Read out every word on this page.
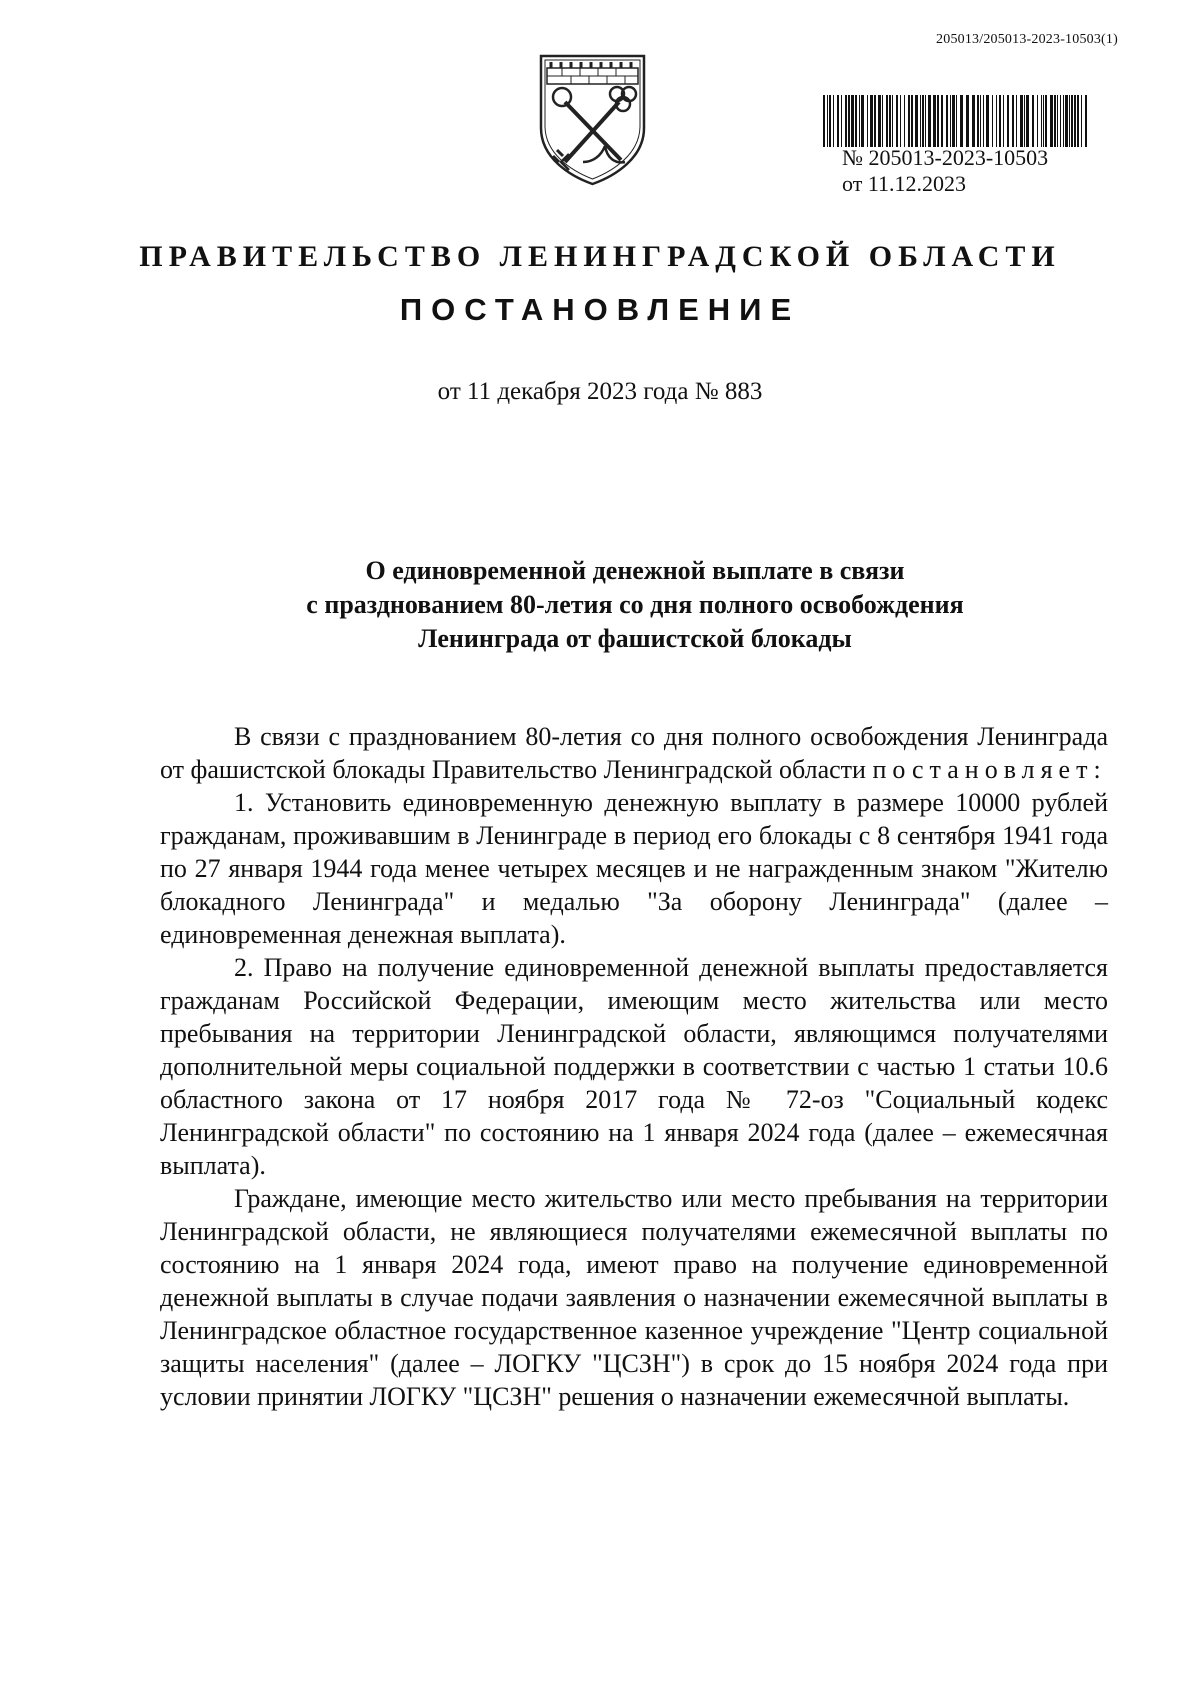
205013/205013-2023-10503(1)
№ 205013-2023-10503
от 11.12.2023
ПРАВИТЕЛЬСТВО ЛЕНИНГРАДСКОЙ ОБЛАСТИ
ПОСТАНОВЛЕНИЕ
от 11 декабря 2023 года № 883
О единовременной денежной выплате в связи
с празднованием 80-летия со дня полного освобождения
Ленинграда от фашистской блокады

В связи с празднованием 80-летия со дня полного освобождения Ленинграда от фашистской блокады Правительство Ленинградской области постановляет:

1. Установить единовременную денежную выплату в размере 10000 рублей гражданам, проживавшим в Ленинграде в период его блокады с 8 сентября 1941 года по 27 января 1944 года менее четырех месяцев и не награжденным знаком "Жителю блокадного Ленинграда" и медалью "За оборону Ленинграда" (далее – единовременная денежная выплата).

2. Право на получение единовременной денежной выплаты предоставляется гражданам Российской Федерации, имеющим место жительства или место пребывания на территории Ленинградской области, являющимся получателями дополнительной меры социальной поддержки в соответствии с частью 1 статьи 10.6 областного закона от 17 ноября 2017 года № 72-оз "Социальный кодекс Ленинградской области" по состоянию на 1 января 2024 года (далее – ежемесячная выплата).

Граждане, имеющие место жительство или место пребывания на территории Ленинградской области, не являющиеся получателями ежемесячной выплаты по состоянию на 1 января 2024 года, имеют право на получение единовременной денежной выплаты в случае подачи заявления о назначении ежемесячной выплаты в Ленинградское областное государственное казенное учреждение "Центр социальной защиты населения" (далее – ЛОГКУ "ЦСЗН") в срок до 15 ноября 2024 года при условии принятии ЛОГКУ "ЦСЗН" решения о назначении ежемесячной выплаты.
